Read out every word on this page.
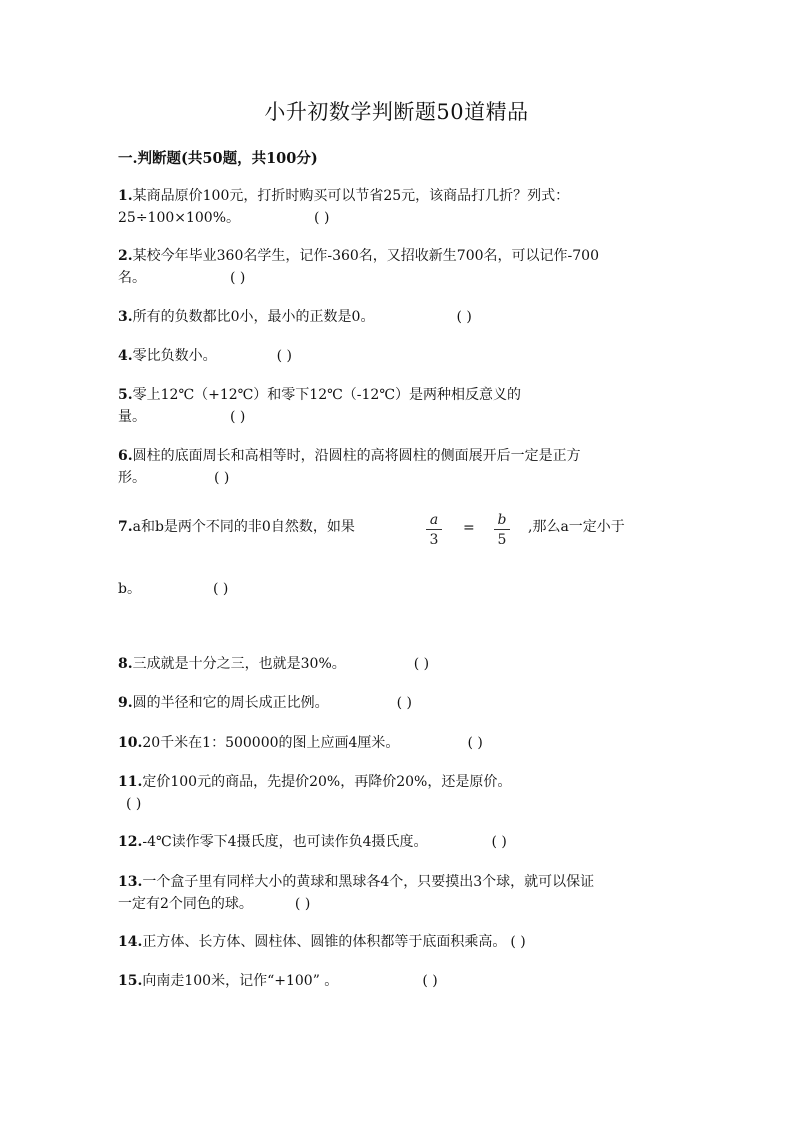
小升初数学判断题50道精品
一.判断题(共50题，共100分)
1.某商品原价100元，打折时购买可以节省25元，该商品打几折？列式：
25÷100×100%。	( )
2.某校今年毕业360名学生，记作-360名，又招收新生700名，可以记作-700
名。	( )
3.所有的负数都比0小，最小的正数是0。	( )
4.零比负数小。	( )
5.零上12℃（+12℃）和零下12℃（-12℃）是两种相反意义的
量。	( )
6.圆柱的底面周长和高相等时，沿圆柱的高将圆柱的侧面展开后一定是正方
形。	( )
7.a和b是两个不同的非0自然数，如果	a
3
=	b
5
,那么a一定小于
b。	( )
8.三成就是十分之三，也就是30%。	( )
9.圆的半径和它的周长成正比例。	( )
10.20千米在1：500000的图上应画4厘米。	( )
11.定价100元的商品，先提价20%，再降价20%，还是原价。
( )
12.-4℃读作零下4摄氏度，也可读作负4摄氏度。	( )
13.一个盒子里有同样大小的黄球和黑球各4个，只要摸出3个球，就可以保证
一定有2个同色的球。	( )
14.正方体、长方体、圆柱体、圆锥的体积都等于底面积乘高。 ( )
15.向南走100米，记作“+100” 。	( )
